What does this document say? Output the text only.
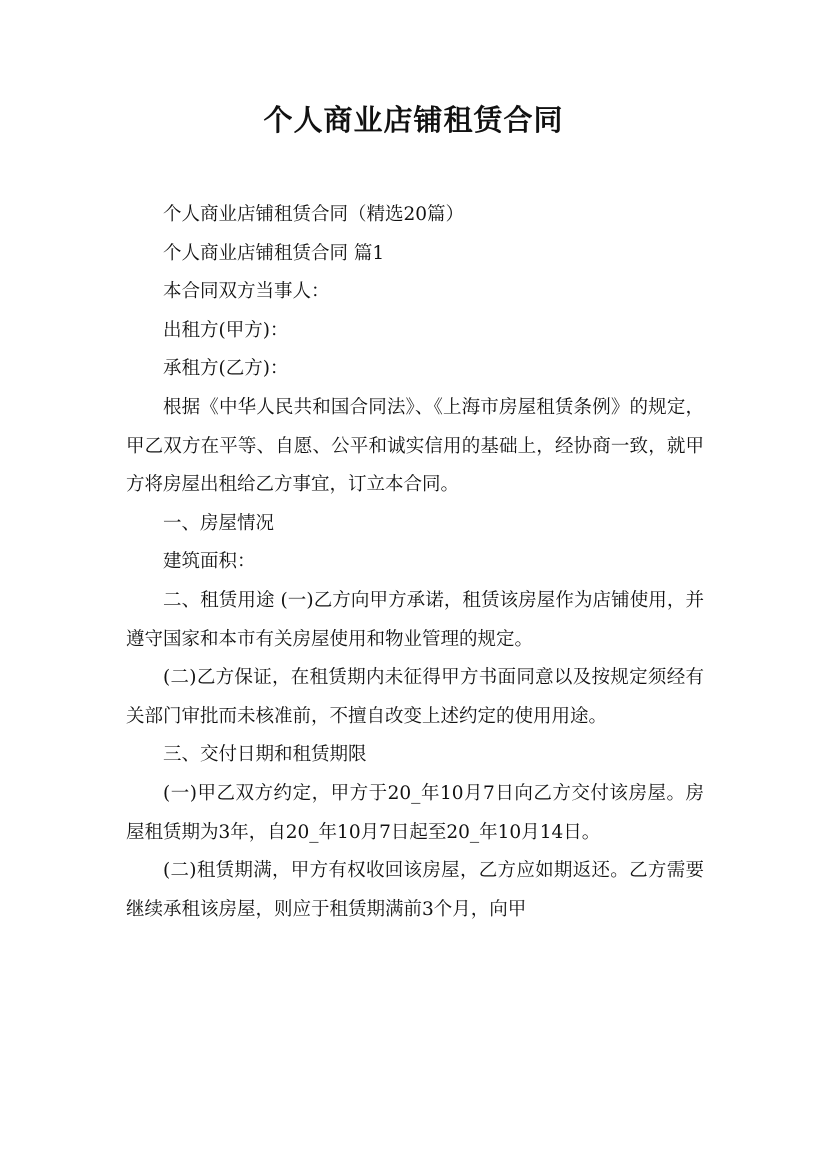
个人商业店铺租赁合同

个人商业店铺租赁合同（精选20篇）

个人商业店铺租赁合同 篇1

本合同双方当事人：

出租方(甲方)：

承租方(乙方)：

根据《中华人民共和国合同法》、《上海市房屋租赁条例》的规定，甲乙双方在平等、自愿、公平和诚实信用的基础上，经协商一致，就甲方将房屋出租给乙方事宜，订立本合同。

一、房屋情况

建筑面积：

二、租赁用途 (一)乙方向甲方承诺，租赁该房屋作为店铺使用，并遵守国家和本市有关房屋使用和物业管理的规定。

(二)乙方保证，在租赁期内未征得甲方书面同意以及按规定须经有关部门审批而未核准前，不擅自改变上述约定的使用用途。

三、交付日期和租赁期限

(一)甲乙双方约定，甲方于20_年10月7日向乙方交付该房屋。房屋租赁期为3年，自20_年10月7日起至20_年10月14日。

(二)租赁期满，甲方有权收回该房屋，乙方应如期返还。乙方需要继续承租该房屋，则应于租赁期满前3个月，向甲
